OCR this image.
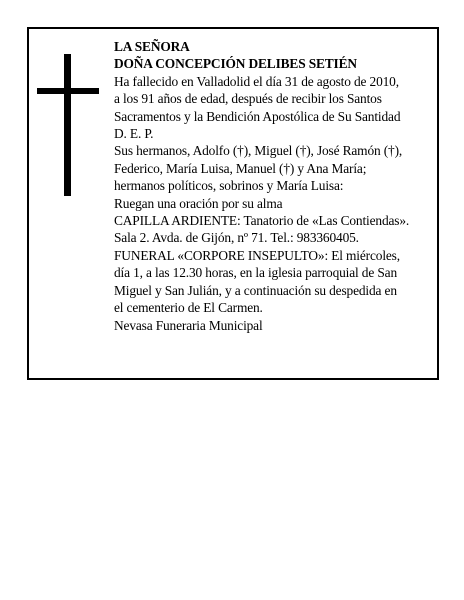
LA SEÑORA

DOÑA CONCEPCIÓN DELIBES SETIÉN

Ha fallecido en Valladolid el día 31 de agosto de 2010,
a los 91 años de edad, después de recibir los Santos
Sacramentos y la Bendición Apostólica de Su Santidad
D. E. P.

Sus hermanos, Adolfo (†), Miguel (†), José Ramón (†),
Federico, María Luisa, Manuel (†) y Ana María;
hermanos políticos, sobrinos y María Luisa:

Ruegan una oración por su alma

CAPILLA ARDIENTE: Tanatorio de «Las Contiendas».
Sala 2. Avda. de Gijón, nº 71. Tel.: 983360405.

FUNERAL «CORPORE INSEPULTO»: El miércoles,
día 1, a las 12.30 horas, en la iglesia parroquial de San
Miguel y San Julián, y a continuación su despedida en
el cementerio de El Carmen.

Nevasa Funeraria Municipal
